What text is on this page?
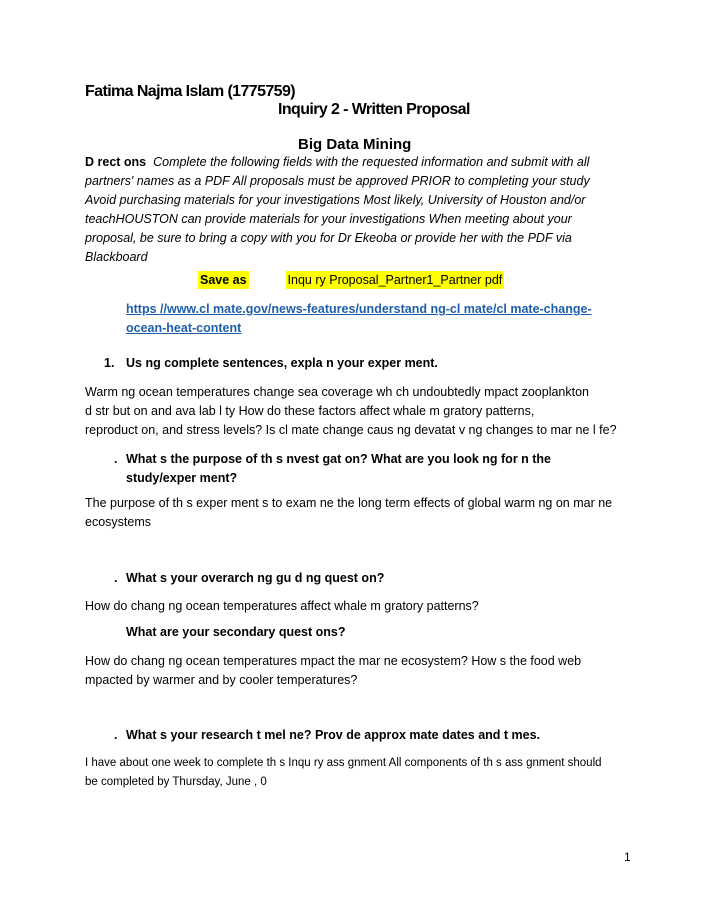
Fatima Najma Islam (1775759)
Inquiry 2 - Written Proposal
Big Data Mining
D rect ons Complete the following fields with the requested information and submit with all
partners' names as a PDF All proposals must be approved PRIOR to completing your study
Avoid purchasing materials for your investigations Most likely, University of Houston and/or
teachHOUSTON can provide materials for your investigations When meeting about your
proposal, be sure to bring a copy with you for Dr Ekeoba or provide her with the PDF via
Blackboard
Save as	Inqu ry Proposal_Partner1_Partner pdf
https //www.cl mate.gov/news-features/understand ng-cl mate/cl mate-change-
ocean-heat-content
1. Us ng complete sentences, expla n your exper ment.
Warm ng ocean temperatures change sea coverage wh ch undoubtedly mpact zooplankton
d str but on and ava lab l ty How do these factors affect whale m gratory patterns,
reproduct on, and stress levels? Is cl mate change caus ng devatat v ng changes to mar ne l fe?
. What s the purpose of th s nvest gat on? What are you look ng for n the
study/exper ment?
The purpose of th s exper ment s to exam ne the long term effects of global warm ng on mar ne
ecosystems
. What s your overarch ng gu d ng quest on?
How do chang ng ocean temperatures affect whale m gratory patterns?
What are your secondary quest ons?
How do chang ng ocean temperatures mpact the mar ne ecosystem? How s the food web
mpacted by warmer and by cooler temperatures?
. What s your research t mel ne? Prov de approx mate dates and t mes.
I have about one week to complete th s Inqu ry ass gnment All components of th s ass gnment should
be completed by Thursday, June , 0
1
